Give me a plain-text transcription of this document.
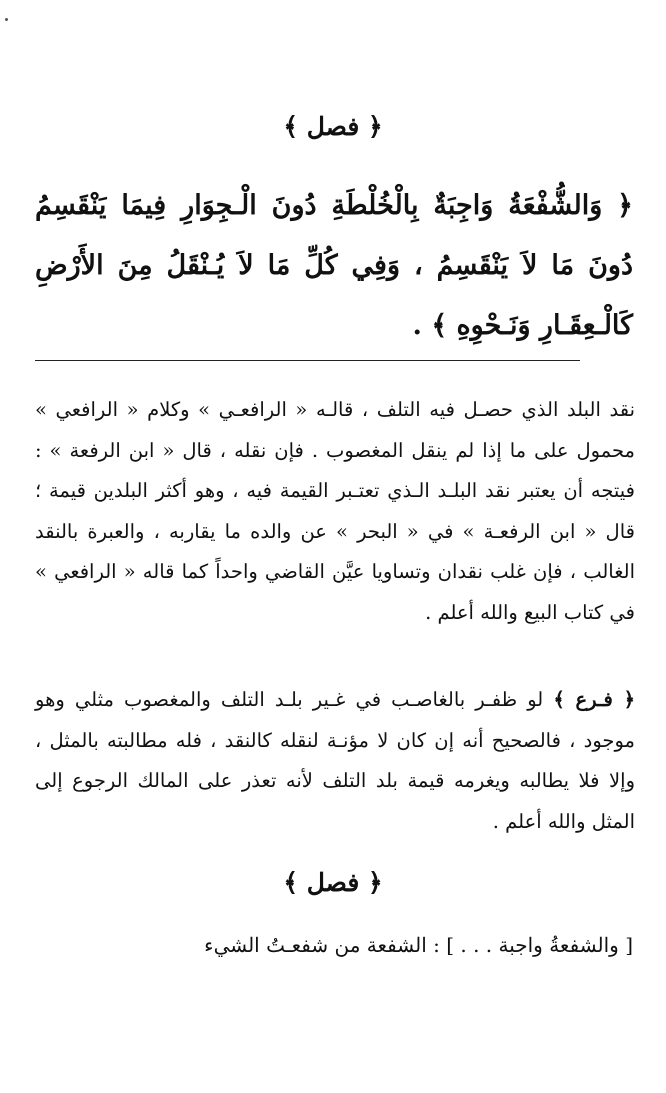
﴿ فصل ﴾
﴿ وَالشُّفْعَةُ وَاجِبَةٌ بِالْخُلْطَةِ دُونَ الْـجِوَارِ فِيمَا يَنْقَسِمُ دُونَ مَا لاَ يَنْقَسِمُ ، وَفِي كُلِّ مَا لاَ يُـنْقَلُ مِنَ الأَرْضِ كَالْـعِقَـارِ وَنَـحْوِهِ ﴾ .
نقد البلد الذي حصـل فيه التلف ، قالـه « الرافعـي » وكلام « الرافعي » محمول على ما إذا لم ينقل المغصوب . فإن نقله ، قال « ابن الرفعة » : فيتجه أن يعتبر نقد البلـد الـذي تعتـبر القيمة فيه ، وهو أكثر البلدين قيمة ؛ قال « ابن الرفعـة » في « البحر » عن والده ما يقاربه ، والعبرة بالنقد الغالب ، فإن غلب نقدان وتساويا عيَّن القاضي واحداً كما قاله « الرافعي » في كتاب البيع والله أعلم .
﴿ فـرع ﴾ لو ظفـر بالغاصـب في غـير بلـد التلف والمغصوب مثلي وهو موجود ، فالصحيح أنه إن كان لا مؤنـة لنقله كالنقد ، فله مطالبته بالمثل ، وإلا فلا يطالبه ويغرمه قيمة بلد التلف لأنه تعذر على المالك الرجوع إلى المثل والله أعلم .
﴿ فصل ﴾
[ والشفعةُ واجبة . . . ] : الشفعة من شفعـتُ الشيء
